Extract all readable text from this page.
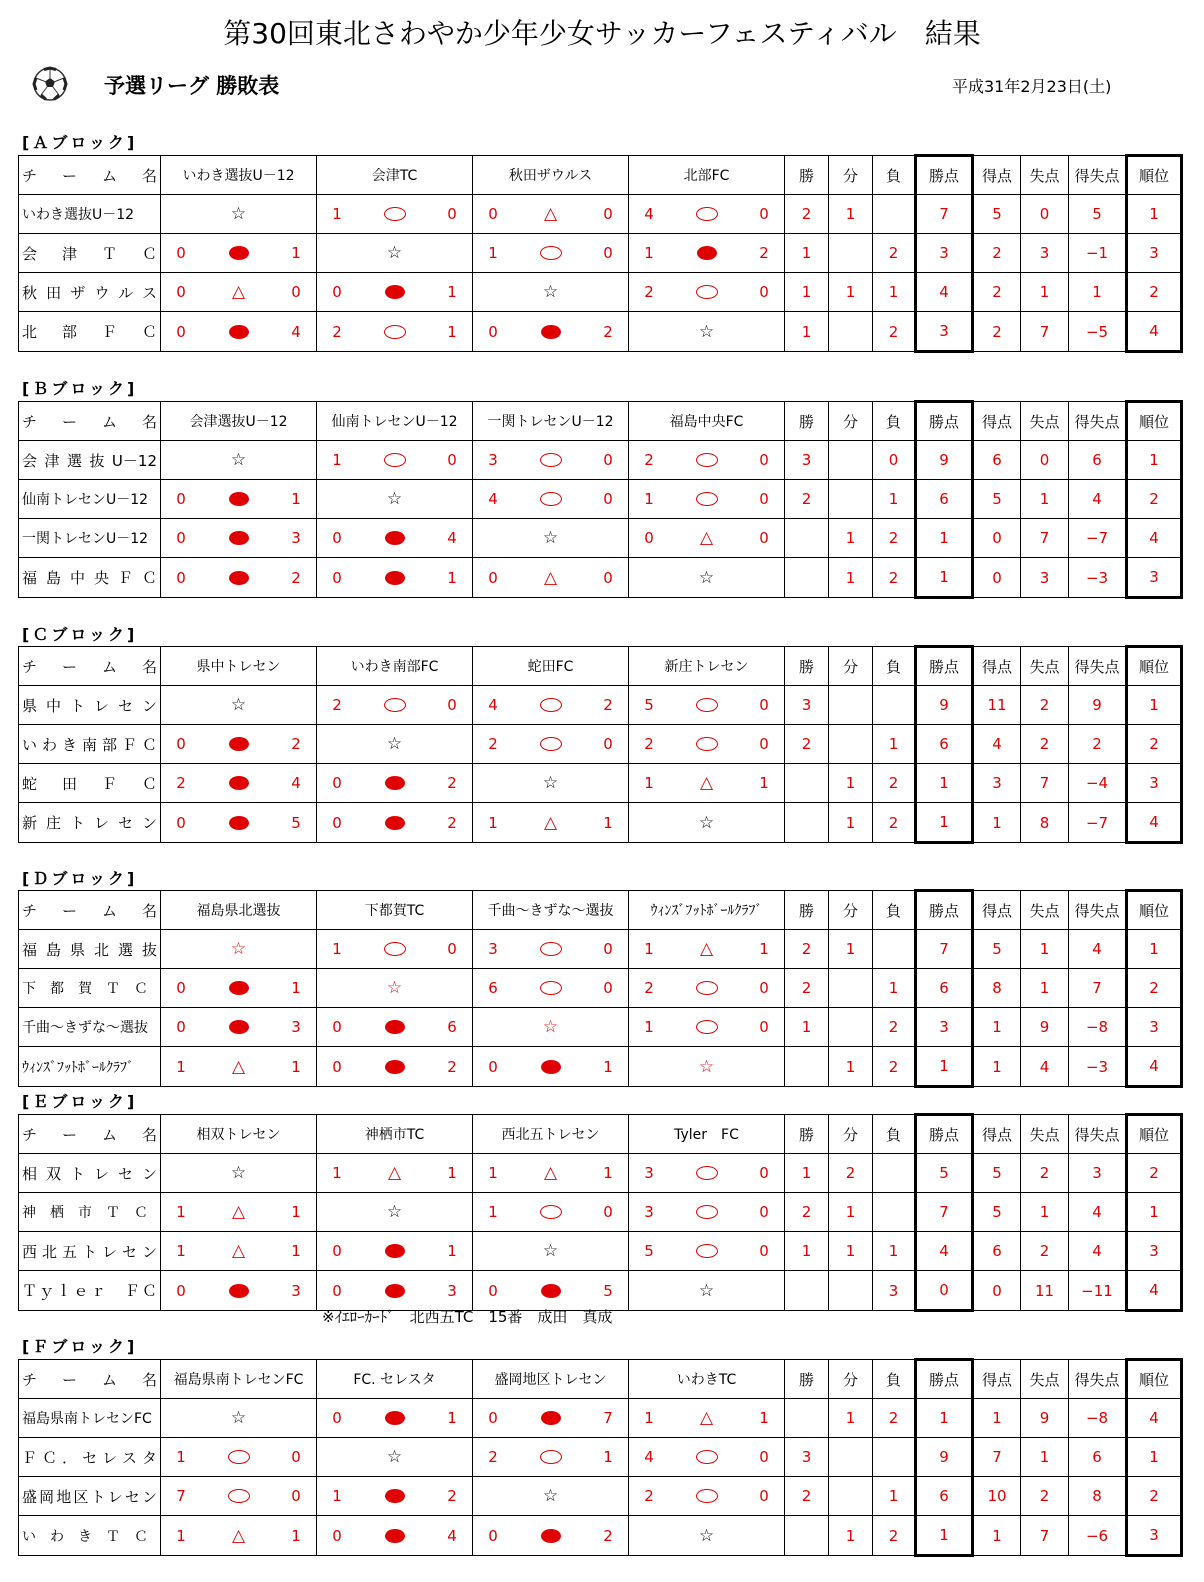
第30回東北さわやか少年少女サッカーフェスティバル　結果
予選リーグ 勝敗表	平成31年2月23日(土)
[Ａブロック]
チ　ー　ム　名	いわき選抜U－12	会津TC	秋田ザウルス	北部FC	勝	分	負	勝点	得点	失点	得失点	順位
いわき選抜U－12	☆	1 0	0 △ 0	4 0	2	1		7	5	0	5	1
会　津　Ｔ　Ｃ	0 1	☆	1 0	1 2	1		2	3	2	3	−1	3
秋田ザウルス	0 △ 0	0 1	☆	2 0	1	1	1	4	2	1	1	2
北　部　Ｆ　Ｃ	0 4	2 1	0 2	☆	1		2	3	2	7	−5	4
[Ｂブロック]
チ　ー　ム　名	会津選抜U－12	仙南トレセンU－12	一関トレセンU－12	福島中央FC	勝	分	負	勝点	得点	失点	得失点	順位
会津選抜U－12	☆	1 0	3 0	2 0	3		0	9	6	0	6	1
仙南トレセンU－12	0 1	☆	4 0	1 0	2		1	6	5	1	4	2
一関トレセンU－12	0 3	0 4	☆	0 △ 0		1	2	1	0	7	−7	4
福島中央ＦＣ	0 2	0 1	0 △ 0	☆		1	2	1	0	3	−3	3
[Ｃブロック]
チ　ー　ム　名	県中トレセン	いわき南部FC	蛇田FC	新庄トレセン	勝	分	負	勝点	得点	失点	得失点	順位
県中トレセン	☆	2 0	4 2	5 0	3			9	11	2	9	1
いわき南部ＦＣ	0 2	☆	2 0	2 0	2		1	6	4	2	2	2
蛇　田　Ｆ　Ｃ	2 4	0 2	☆	1 △ 1		1	2	1	3	7	−4	3
新庄トレセン	0 5	0 2	1 △ 1	☆		1	2	1	1	8	−7	4
[Ｄブロック]
チ　ー　ム　名	福島県北選抜	下都賀TC	千曲～きずな～選抜	ｳｨﾝｽﾞﾌｯﾄﾎﾞｰﾙｸﾗﾌﾞ	勝	分	負	勝点	得点	失点	得失点	順位
福島県北選抜	☆	1 0	3 0	1 △ 1	2	1		7	5	1	4	1
下　都　賀　Ｔ　Ｃ	0 1	☆	6 0	2 0	2		1	6	8	1	7	2
千曲～きずな～選抜	0 3	0 6	☆	1 0	1		2	3	1	9	−8	3
ｳｨﾝｽﾞﾌｯﾄﾎﾞｰﾙｸﾗﾌﾞ	1 △ 1	0 2	0 1	☆		1	2	1	1	4	−3	4
[Ｅブロック]
チ　ー　ム　名	相双トレセン	神栖市TC	西北五トレセン	Tyler　FC	勝	分	負	勝点	得点	失点	得失点	順位
相双トレセン	☆	1 △ 1	1 △ 1	3 0	1	2		5	5	2	3	2
神　栖　市　Ｔ　Ｃ	1 △ 1	☆	1 0	3 0	2	1		7	5	1	4	1
西北五トレセン	1 △ 1	0 1	☆	5 0	1	1	1	4	6	2	4	3
Ｔｙｌｅｒ　ＦＣ	0 3	0 3	0 5	☆			3	0	0	11	−11	4
[Ｆブロック]
チ　ー　ム　名	福島県南トレセンFC	FC. セレスタ	盛岡地区トレセン	いわきTC	勝	分	負	勝点	得点	失点	得失点	順位
福島県南トレセンFC	☆	0 1	0 7	1 △ 1		1	2	1	1	9	−8	4
ＦＣ．セレスタ	1 0	☆	2 1	4 0	3			9	7	1	6	1
盛岡地区トレセン	7 0	1 2	☆	2 0	2		1	6	10	2	8	2
い　わ　き　Ｔ　Ｃ	1 △ 1	0 4	0 2	☆		1	2	1	1	7	−6	3
※ｲｴﾛｰｶｰﾄﾞ　北西五TC　15番　成田　真成
